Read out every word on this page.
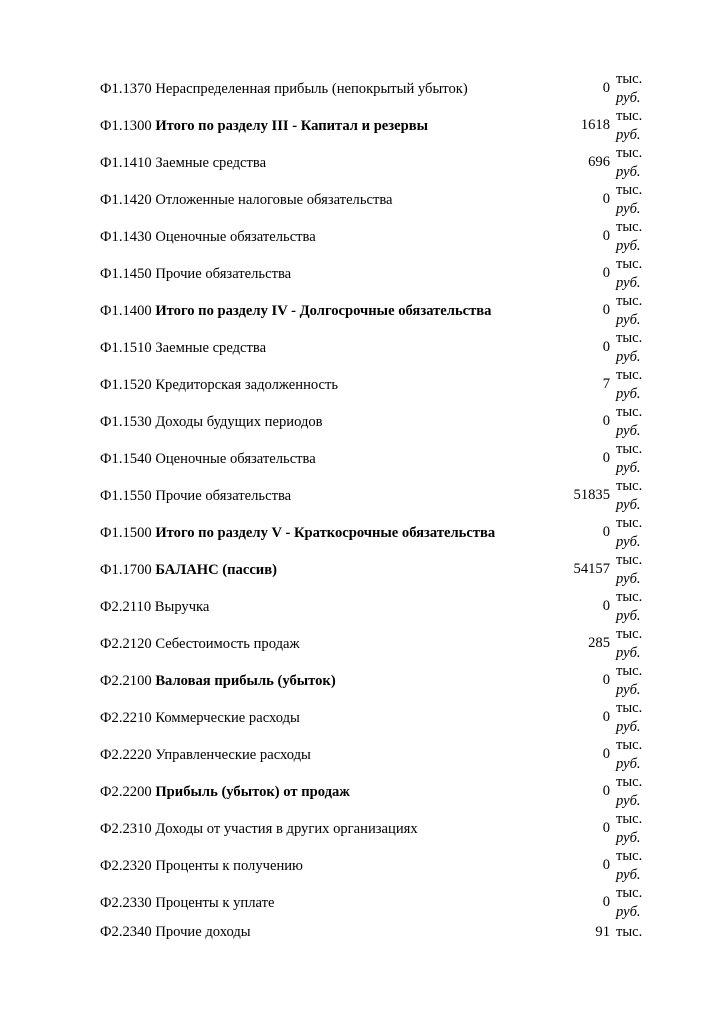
Ф1.1370 Нераспределенная прибыль (непокрытый убыток)	0
тыс.
руб.
Ф1.1300 Итого по разделу III - Капитал и резервы	1618
тыс.
руб.
Ф1.1410 Заемные средства	696
тыс.
руб.
Ф1.1420 Отложенные налоговые обязательства	0
тыс.
руб.
Ф1.1430 Оценочные обязательства	0
тыс.
руб.
Ф1.1450 Прочие обязательства	0
тыс.
руб.
Ф1.1400 Итого по разделу IV - Долгосрочные обязательства	0
тыс.
руб.
Ф1.1510 Заемные средства	0
тыс.
руб.
Ф1.1520 Кредиторская задолженность	7
тыс.
руб.
Ф1.1530 Доходы будущих периодов	0
тыс.
руб.
Ф1.1540 Оценочные обязательства	0
тыс.
руб.
Ф1.1550 Прочие обязательства	51835
тыс.
руб.
Ф1.1500 Итого по разделу V - Краткосрочные обязательства	0
тыс.
руб.
Ф1.1700 БАЛАНС (пассив)	54157
тыс.
руб.
Ф2.2110 Выручка	0
тыс.
руб.
Ф2.2120 Себестоимость продаж	285
тыс.
руб.
Ф2.2100 Валовая прибыль (убыток)	0
тыс.
руб.
Ф2.2210 Коммерческие расходы	0
тыс.
руб.
Ф2.2220 Управленческие расходы	0
тыс.
руб.
Ф2.2200 Прибыль (убыток) от продаж	0
тыс.
руб.
Ф2.2310 Доходы от участия в других организациях	0
тыс.
руб.
Ф2.2320 Проценты к получению	0
тыс.
руб.
Ф2.2330 Проценты к уплате	0
тыс.
руб.
Ф2.2340 Прочие доходы	91 тыс.
